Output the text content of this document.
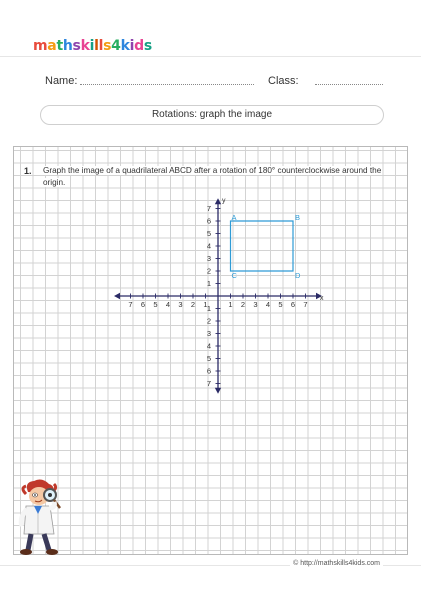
mathskills4kids
Name:	Class:
Rotations: graph the image
1. Graph the image of a quadrilateral ABCD after a rotation of 180° counterclockwise around the origin.
7 6 5 4 3 2 1	1 2 3 4 5 6 7
1
2
3
4
5
6
7
1
2
3
4
5
6
7
x
y
A	B
D
C
© http://mathskills4kids.com
